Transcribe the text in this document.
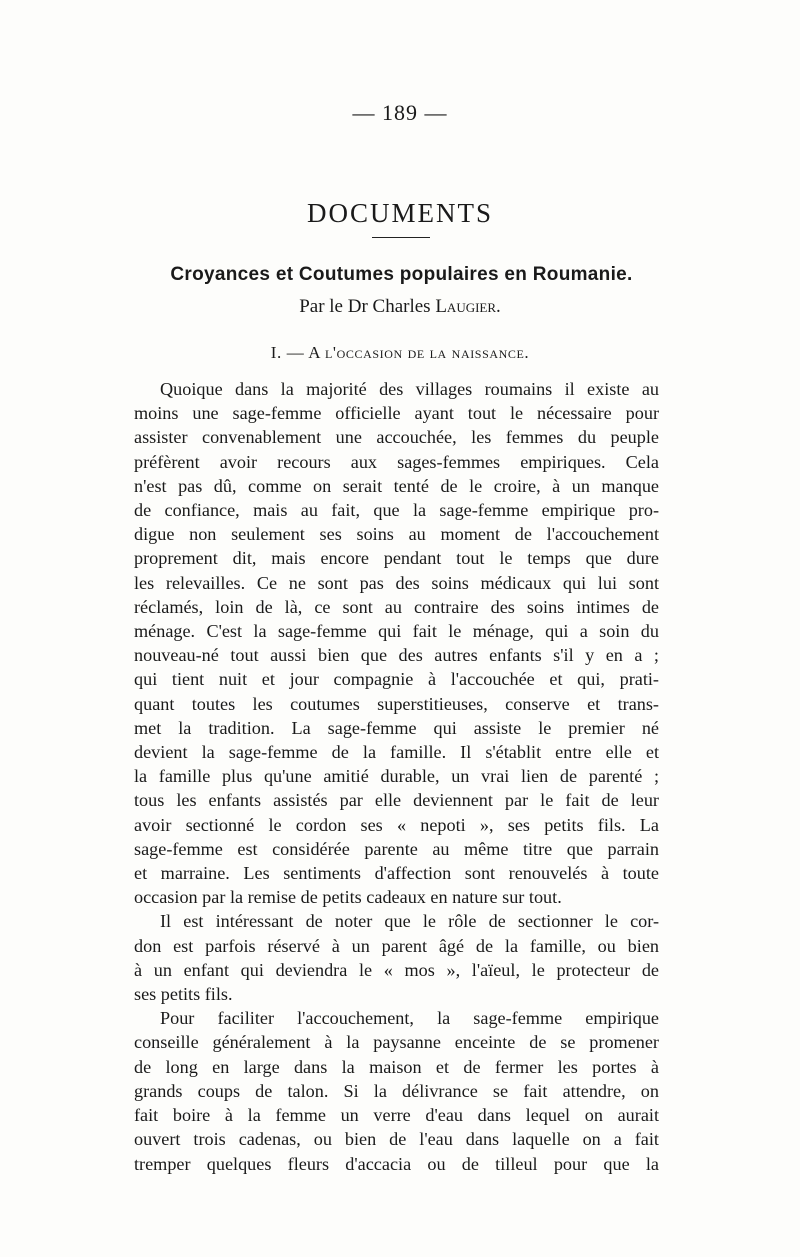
— 189 —
DOCUMENTS
Croyances et Coutumes populaires en Roumanie.
Par le Dr Charles Laugier.
I. — A l'occasion de la naissance.
Quoique dans la majorité des villages roumains il existe au
moins une sage-femme officielle ayant tout le nécessaire pour
assister convenablement une accouchée, les femmes du peuple
préfèrent avoir recours aux sages-femmes empiriques. Cela
n'est pas dû, comme on serait tenté de le croire, à un manque
de confiance, mais au fait, que la sage-femme empirique pro-
digue non seulement ses soins au moment de l'accouchement
proprement dit, mais encore pendant tout le temps que dure
les relevailles. Ce ne sont pas des soins médicaux qui lui sont
réclamés, loin de là, ce sont au contraire des soins intimes de
ménage. C'est la sage-femme qui fait le ménage, qui a soin du
nouveau-né tout aussi bien que des autres enfants s'il y en a ;
qui tient nuit et jour compagnie à l'accouchée et qui, prati-
quant toutes les coutumes superstitieuses, conserve et trans-
met la tradition. La sage-femme qui assiste le premier né
devient la sage-femme de la famille. Il s'établit entre elle et
la famille plus qu'une amitié durable, un vrai lien de parenté ;
tous les enfants assistés par elle deviennent par le fait de leur
avoir sectionné le cordon ses « nepoti », ses petits fils. La
sage-femme est considérée parente au même titre que parrain
et marraine. Les sentiments d'affection sont renouvelés à toute
occasion par la remise de petits cadeaux en nature sur tout.
Il est intéressant de noter que le rôle de sectionner le cor-
don est parfois réservé à un parent âgé de la famille, ou bien
à un enfant qui deviendra le « mos », l'aïeul, le protecteur de
ses petits fils.
Pour faciliter l'accouchement, la sage-femme empirique
conseille généralement à la paysanne enceinte de se promener
de long en large dans la maison et de fermer les portes à
grands coups de talon. Si la délivrance se fait attendre, on
fait boire à la femme un verre d'eau dans lequel on aurait
ouvert trois cadenas, ou bien de l'eau dans laquelle on a fait
tremper quelques fleurs d'accacia ou de tilleul pour que la
